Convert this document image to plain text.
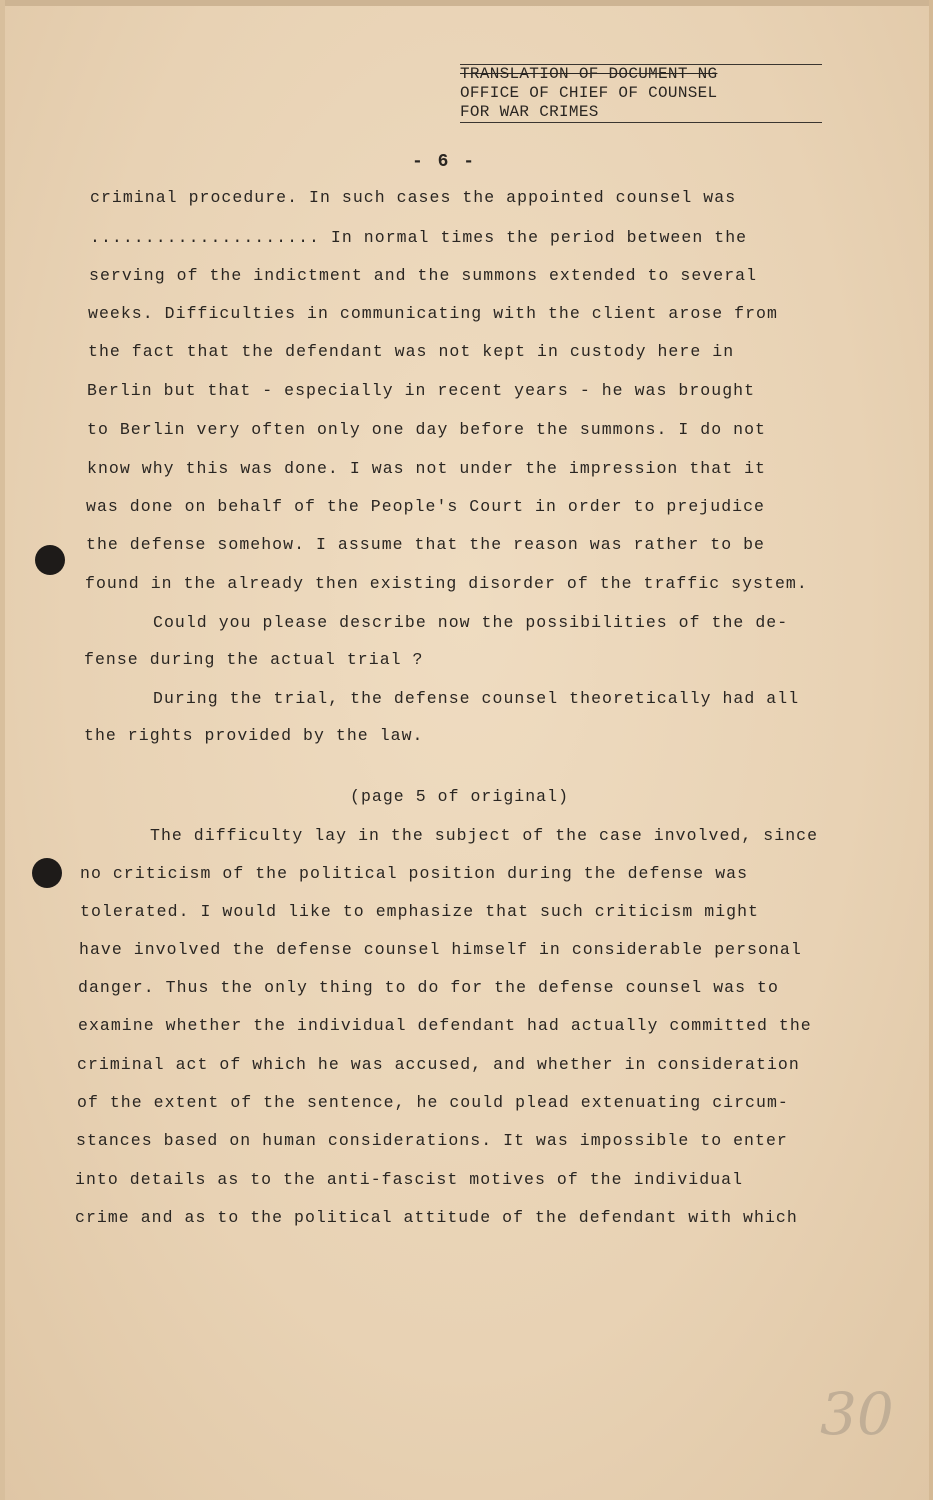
TRANSLATION OF DOCUMENT NG
OFFICE OF CHIEF OF COUNSEL
FOR WAR CRIMES
- 6 -
criminal procedure. In such cases the appointed counsel was
..................... In normal times the period between the
serving of the indictment and the summons extended to several
weeks. Difficulties in communicating with the client arose from
the fact that the defendant was not kept in custody here in
Berlin but that - especially in recent years - he was brought
to Berlin very often only one day before the summons. I do not
know why this was done. I was not under the impression that it
was done on behalf of the People's Court in order to prejudice
the defense somehow. I assume that the reason was rather to be
found in the already then existing disorder of the traffic system.
Could you please describe now the possibilities of the de-
fense during the actual trial ?
During the trial, the defense counsel theoretically had all
the rights provided by the law.
(page 5 of original)
The difficulty lay in the subject of the case involved, since
no criticism of the political position during the defense was
tolerated. I would like to emphasize that such criticism might
have involved the defense counsel himself in considerable personal
danger. Thus the only thing to do for the defense counsel was to
examine whether the individual defendant had actually committed the
criminal act of which he was accused, and whether in consideration
of the extent of the sentence, he could plead extenuating circum-
stances based on human considerations. It was impossible to enter
into details as to the anti-fascist motives of the individual
crime and as to the political attitude of the defendant with which
30
